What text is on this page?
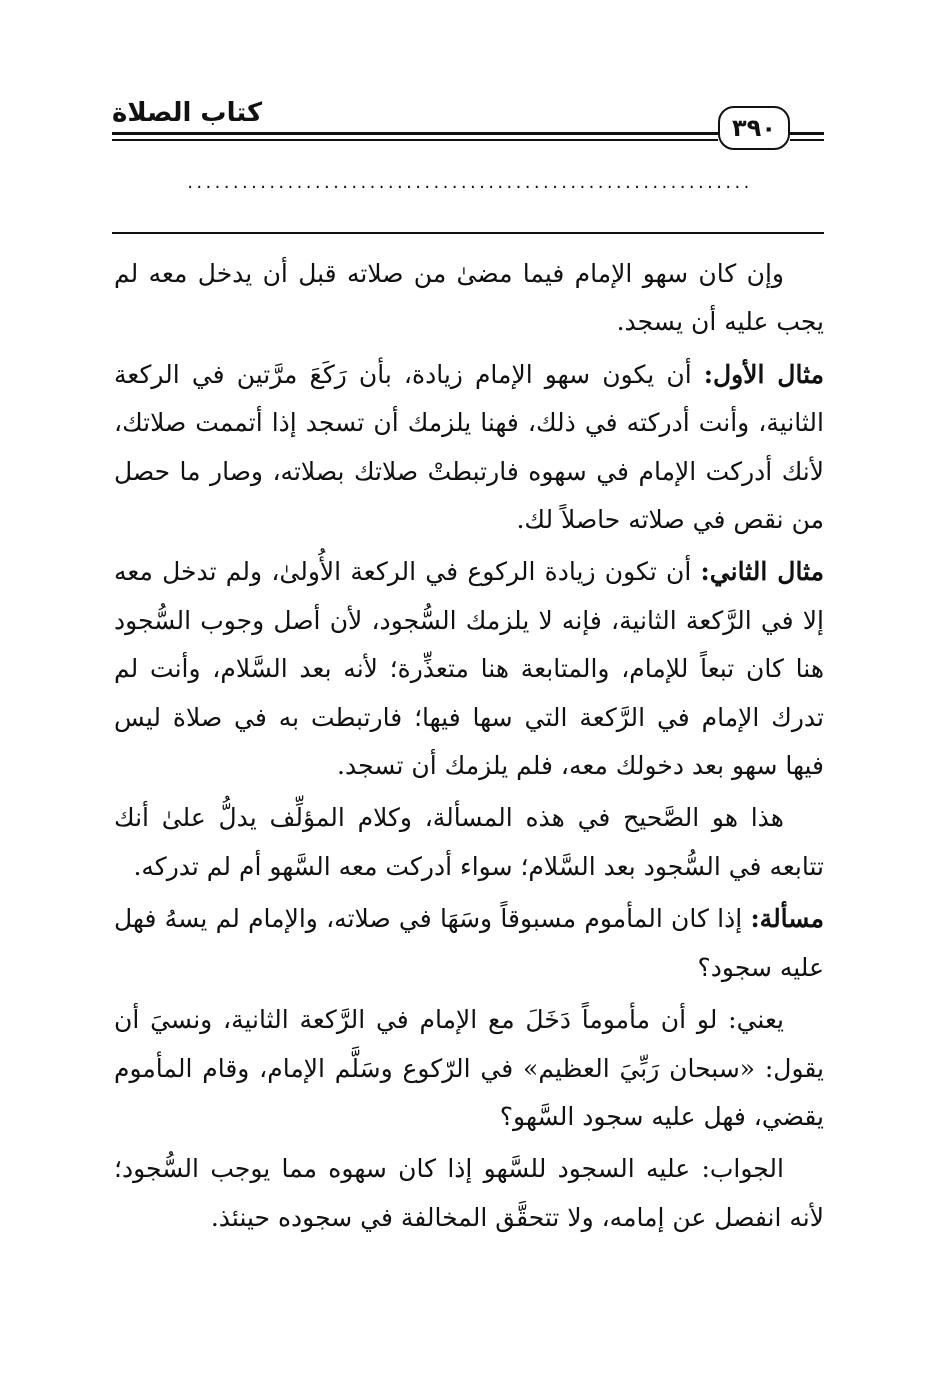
كتاب الصلاة	٣٩٠
..............................................................

وإن كان سهو الإمام فيما مضىٰ من صلاته قبل أن يدخل معه لم يجب عليه أن يسجد.

مثال الأول: أن يكون سهو الإمام زيادة، بأن رَكَعَ مرَّتين في الركعة الثانية، وأنت أدركته في ذلك، فهنا يلزمك أن تسجد إذا أتممت صلاتك، لأنك أدركت الإمام في سهوه فارتبطتْ صلاتك بصلاته، وصار ما حصل من نقص في صلاته حاصلاً لك.

مثال الثاني: أن تكون زيادة الركوع في الركعة الأُولىٰ، ولم تدخل معه إلا في الرَّكعة الثانية، فإنه لا يلزمك السُّجود، لأن أصل وجوب السُّجود هنا كان تبعاً للإمام، والمتابعة هنا متعذِّرة؛ لأنه بعد السَّلام، وأنت لم تدرك الإمام في الرَّكعة التي سها فيها؛ فارتبطت به في صلاة ليس فيها سهو بعد دخولك معه، فلم يلزمك أن تسجد.

هذا هو الصَّحيح في هذه المسألة، وكلام المؤلِّف يدلُّ علىٰ أنك تتابعه في السُّجود بعد السَّلام؛ سواء أدركت معه السَّهو أم لم تدركه.

مسألة: إذا كان المأموم مسبوقاً وسَهَا في صلاته، والإمام لم يسهُ فهل عليه سجود؟

يعني: لو أن مأموماً دَخَلَ مع الإمام في الرَّكعة الثانية، ونسيَ أن يقول: «سبحان رَبِّيَ العظيم» في الرّكوع وسَلَّم الإمام، وقام المأموم يقضي، فهل عليه سجود السَّهو؟

الجواب: عليه السجود للسَّهو إذا كان سهوه مما يوجب السُّجود؛ لأنه انفصل عن إمامه، ولا تتحقَّق المخالفة في سجوده حينئذ.
